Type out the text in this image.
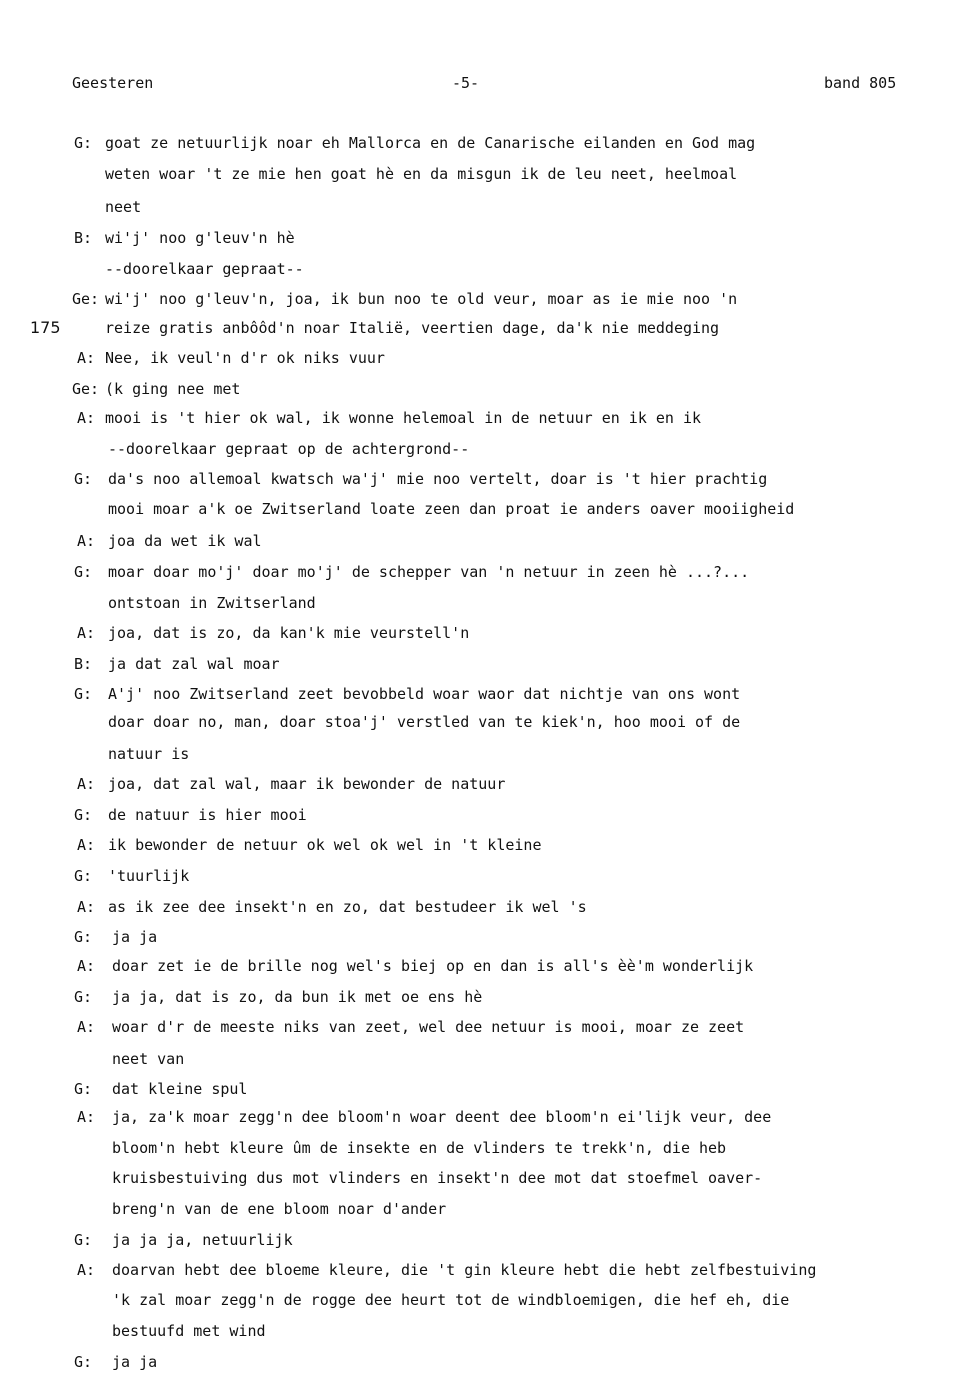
Geesteren	-5-	band 805
175
G: goat ze netuurlijk noar eh Mallorca en de Canarische eilanden en God mag
weten woar 't ze mie hen goat hè en da misgun ik de leu neet, heelmoal
neet
B: wi'j' noo g'leuv'n hè
--doorelkaar gepraat--
Ge: wi'j' noo g'leuv'n, joa, ik bun noo te old veur, moar as ie mie noo 'n
reize gratis anbôôd'n noar Italië, veertien dage, da'k nie meddeging
A: Nee, ik veul'n d'r ok niks vuur
Ge: (k ging nee met
A: mooi is 't hier ok wal, ik wonne helemoal in de netuur en ik en ik
--doorelkaar gepraat op de achtergrond--
G: da's noo allemoal kwatsch wa'j' mie noo vertelt, doar is 't hier prachtig
mooi moar a'k oe Zwitserland loate zeen dan proat ie anders oaver mooiigheid
A: joa da wet ik wal
G: moar doar mo'j' doar mo'j' de schepper van 'n netuur in zeen hè ...?...
ontstoan in Zwitserland
A: joa, dat is zo, da kan'k mie veurstell'n
B: ja dat zal wal moar
G: A'j' noo Zwitserland zeet bevobbeld woar waor dat nichtje van ons wont
doar doar no, man, doar stoa'j' verstled van te kiek'n, hoo mooi of de
natuur is
A: joa, dat zal wal, maar ik bewonder de natuur
G: de natuur is hier mooi
A: ik bewonder de netuur ok wel ok wel in 't kleine
G: 'tuurlijk
A: as ik zee dee insekt'n en zo, dat bestudeer ik wel 's
G: ja ja
A: doar zet ie de brille nog wel's biej op en dan is all's èè'm wonderlijk
G: ja ja, dat is zo, da bun ik met oe ens hè
A: woar d'r de meeste niks van zeet, wel dee netuur is mooi, moar ze zeet
neet van
G: dat kleine spul
A: ja, za'k moar zegg'n dee bloom'n woar deent dee bloom'n ei'lijk veur, dee
bloom'n hebt kleure ûm de insekte en de vlinders te trekk'n, die heb
kruisbestuiving dus mot vlinders en insekt'n dee mot dat stoefmel oaver-
breng'n van de ene bloom noar d'ander
G: ja ja ja, netuurlijk
A: doarvan hebt dee bloeme kleure, die 't gin kleure hebt die hebt zelfbestuiving
'k zal moar zegg'n de rogge dee heurt tot de windbloemigen, die hef eh, die
bestuufd met wind
G: ja ja
